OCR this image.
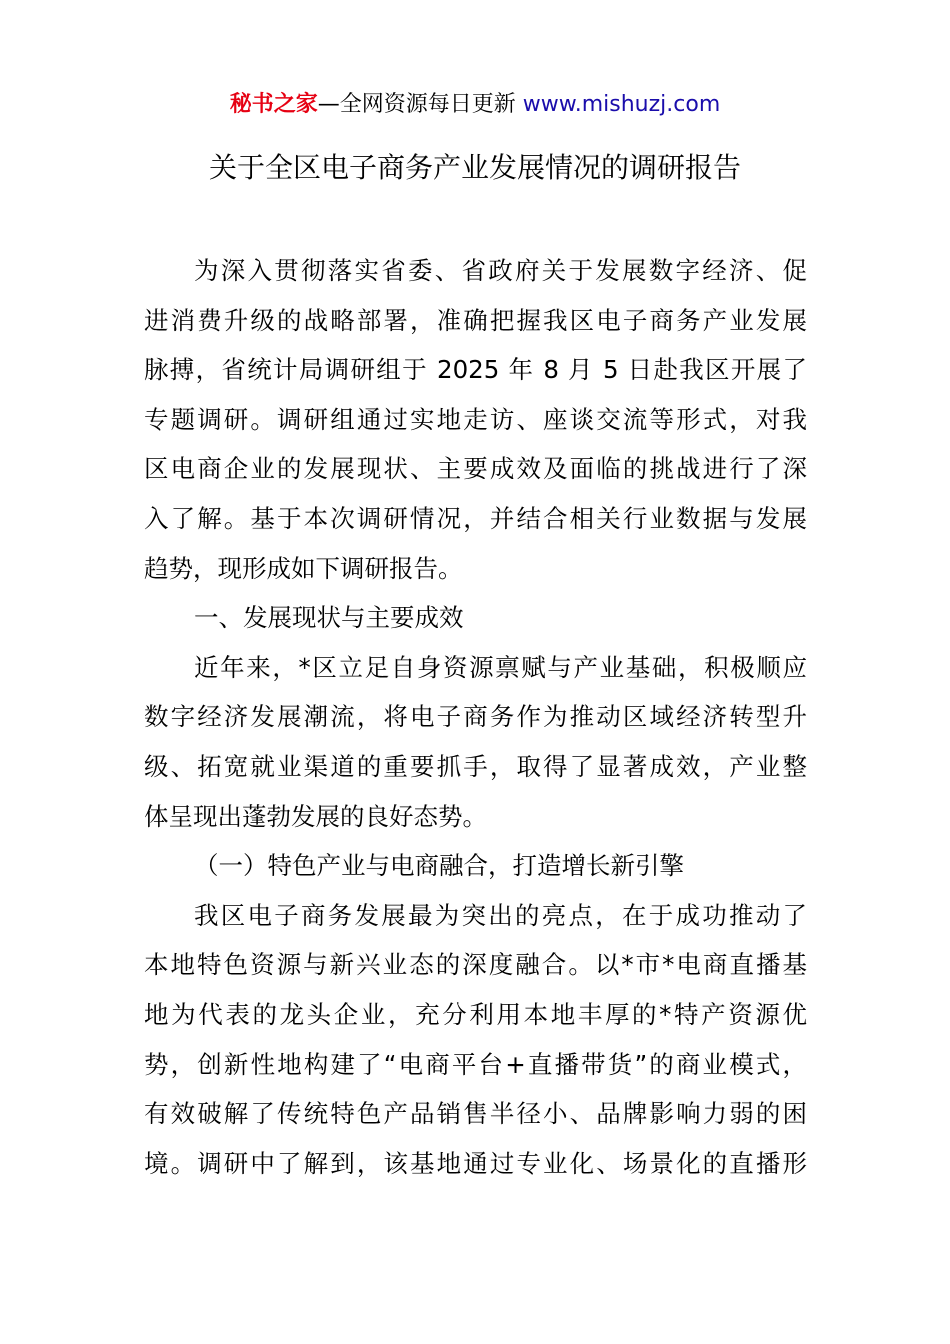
秘书之家—全网资源每日更新 www.mishuzj.com
关于全区电子商务产业发展情况的调研报告
为深入贯彻落实省委、省政府关于发展数字经济、促
进消费升级的战略部署，准确把握我区电子商务产业发展
脉搏，省统计局调研组于 2025 年 8 月 5 日赴我区开展了
专题调研。调研组通过实地走访、座谈交流等形式，对我
区电商企业的发展现状、主要成效及面临的挑战进行了深
入了解。基于本次调研情况，并结合相关行业数据与发展
趋势，现形成如下调研报告。
一、发展现状与主要成效
近年来，*区立足自身资源禀赋与产业基础，积极顺应
数字经济发展潮流，将电子商务作为推动区域经济转型升
级、拓宽就业渠道的重要抓手，取得了显著成效，产业整
体呈现出蓬勃发展的良好态势。
（一）特色产业与电商融合，打造增长新引擎
我区电子商务发展最为突出的亮点，在于成功推动了
本地特色资源与新兴业态的深度融合。以*市*电商直播基
地为代表的龙头企业，充分利用本地丰厚的*特产资源优
势，创新性地构建了“电商平台+直播带货”的商业模式，
有效破解了传统特色产品销售半径小、品牌影响力弱的困
境。调研中了解到，该基地通过专业化、场景化的直播形
